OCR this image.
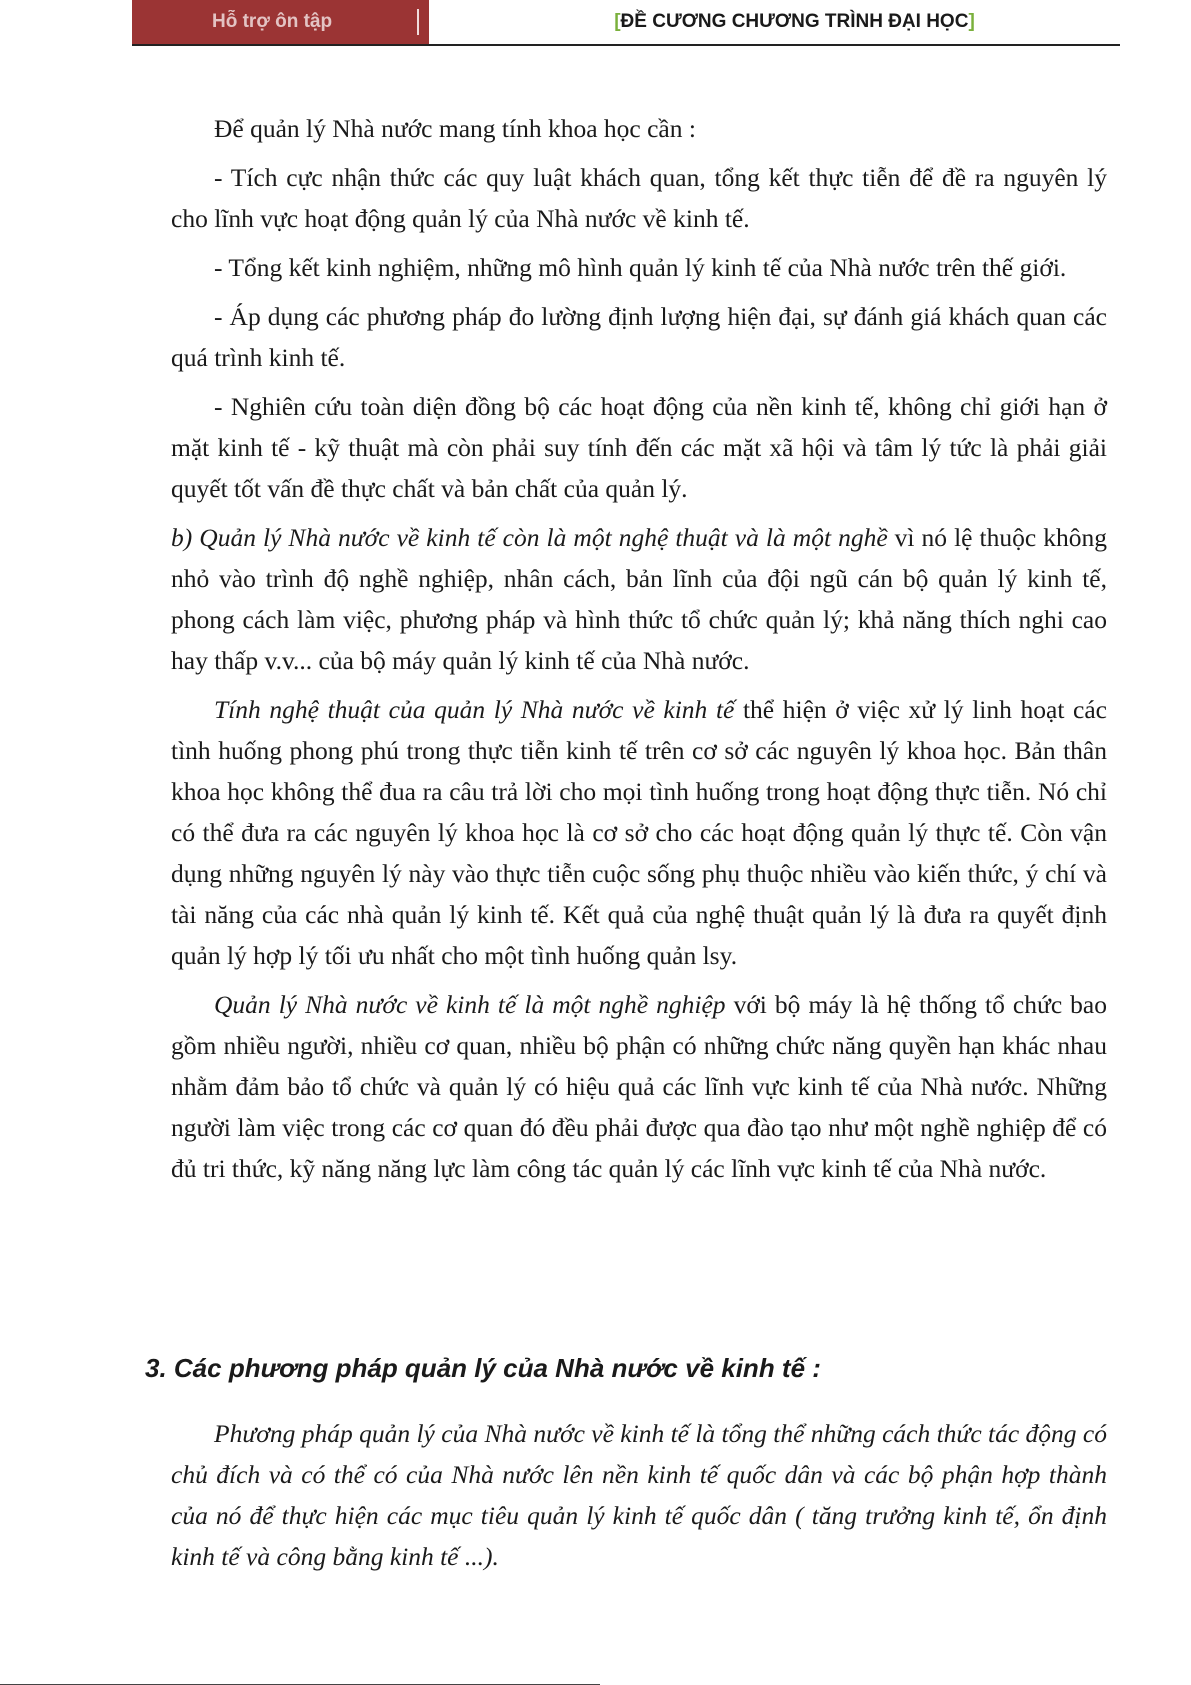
Hỗ trợ ôn tập	[ ĐỀ CƯƠNG CHƯƠNG TRÌNH ĐẠI HỌC ]

Để quản lý Nhà nước mang tính khoa học cần :

- Tích cực nhận thức các quy luật khách quan, tổng kết thực tiễn để đề ra nguyên lý cho lĩnh vực hoạt động quản lý của Nhà nước về kinh tế.

- Tổng kết kinh nghiệm, những mô hình quản lý kinh tế của Nhà nước trên thế giới.

- Áp dụng các phương pháp đo lường định lượng hiện đại, sự đánh giá khách quan các quá trình kinh tế.

- Nghiên cứu toàn diện đồng bộ các hoạt động của nền kinh tế, không chỉ giới hạn ở mặt kinh tế - kỹ thuật mà còn phải suy tính đến các mặt xã hội và tâm lý tức là phải giải quyết tốt vấn đề thực chất và bản chất của quản lý.

b) Quản lý Nhà nước về kinh tế còn là một nghệ thuật và là một nghề vì nó lệ thuộc không nhỏ vào trình độ nghề nghiệp, nhân cách, bản lĩnh của đội ngũ cán bộ quản lý kinh tế, phong cách làm việc, phương pháp và hình thức tổ chức quản lý; khả năng thích nghi cao hay thấp v.v... của bộ máy quản lý kinh tế của Nhà nước.

Tính nghệ thuật của quản lý Nhà nước về kinh tế thể hiện ở việc xử lý linh hoạt các tình huống phong phú trong thực tiễn kinh tế trên cơ sở các nguyên lý khoa học. Bản thân khoa học không thể đua ra câu trả lời cho mọi tình huống trong hoạt động thực tiễn. Nó chỉ có thể đưa ra các nguyên lý khoa học là cơ sở cho các hoạt động quản lý thực tế. Còn vận dụng những nguyên lý này vào thực tiễn cuộc sống phụ thuộc nhiều vào kiến thức, ý chí và tài năng của các nhà quản lý kinh tế. Kết quả của nghệ thuật quản lý là đưa ra quyết định quản lý hợp lý tối ưu nhất cho một tình huống quản lsy.

Quản lý Nhà nước về kinh tế là một nghề nghiệp với bộ máy là hệ thống tổ chức bao gồm nhiều người, nhiều cơ quan, nhiều bộ phận có những chức năng quyền hạn khác nhau nhằm đảm bảo tổ chức và quản lý có hiệu quả các lĩnh vực kinh tế của Nhà nước. Những người làm việc trong các cơ quan đó đều phải được qua đào tạo như một nghề nghiệp để có đủ tri thức, kỹ năng năng lực làm công tác quản lý các lĩnh vực kinh tế của Nhà nước.

3. Các phương pháp quản lý của Nhà nước về kinh tế :

Phương pháp quản lý của Nhà nước về kinh tế là tổng thể những cách thức tác động có chủ đích và có thể có của Nhà nước lên nền kinh tế quốc dân và các bộ phận hợp thành của nó để thực hiện các mục tiêu quản lý kinh tế quốc dân ( tăng trưởng kinh tế, ổn định kinh tế và công bằng kinh tế ...).
